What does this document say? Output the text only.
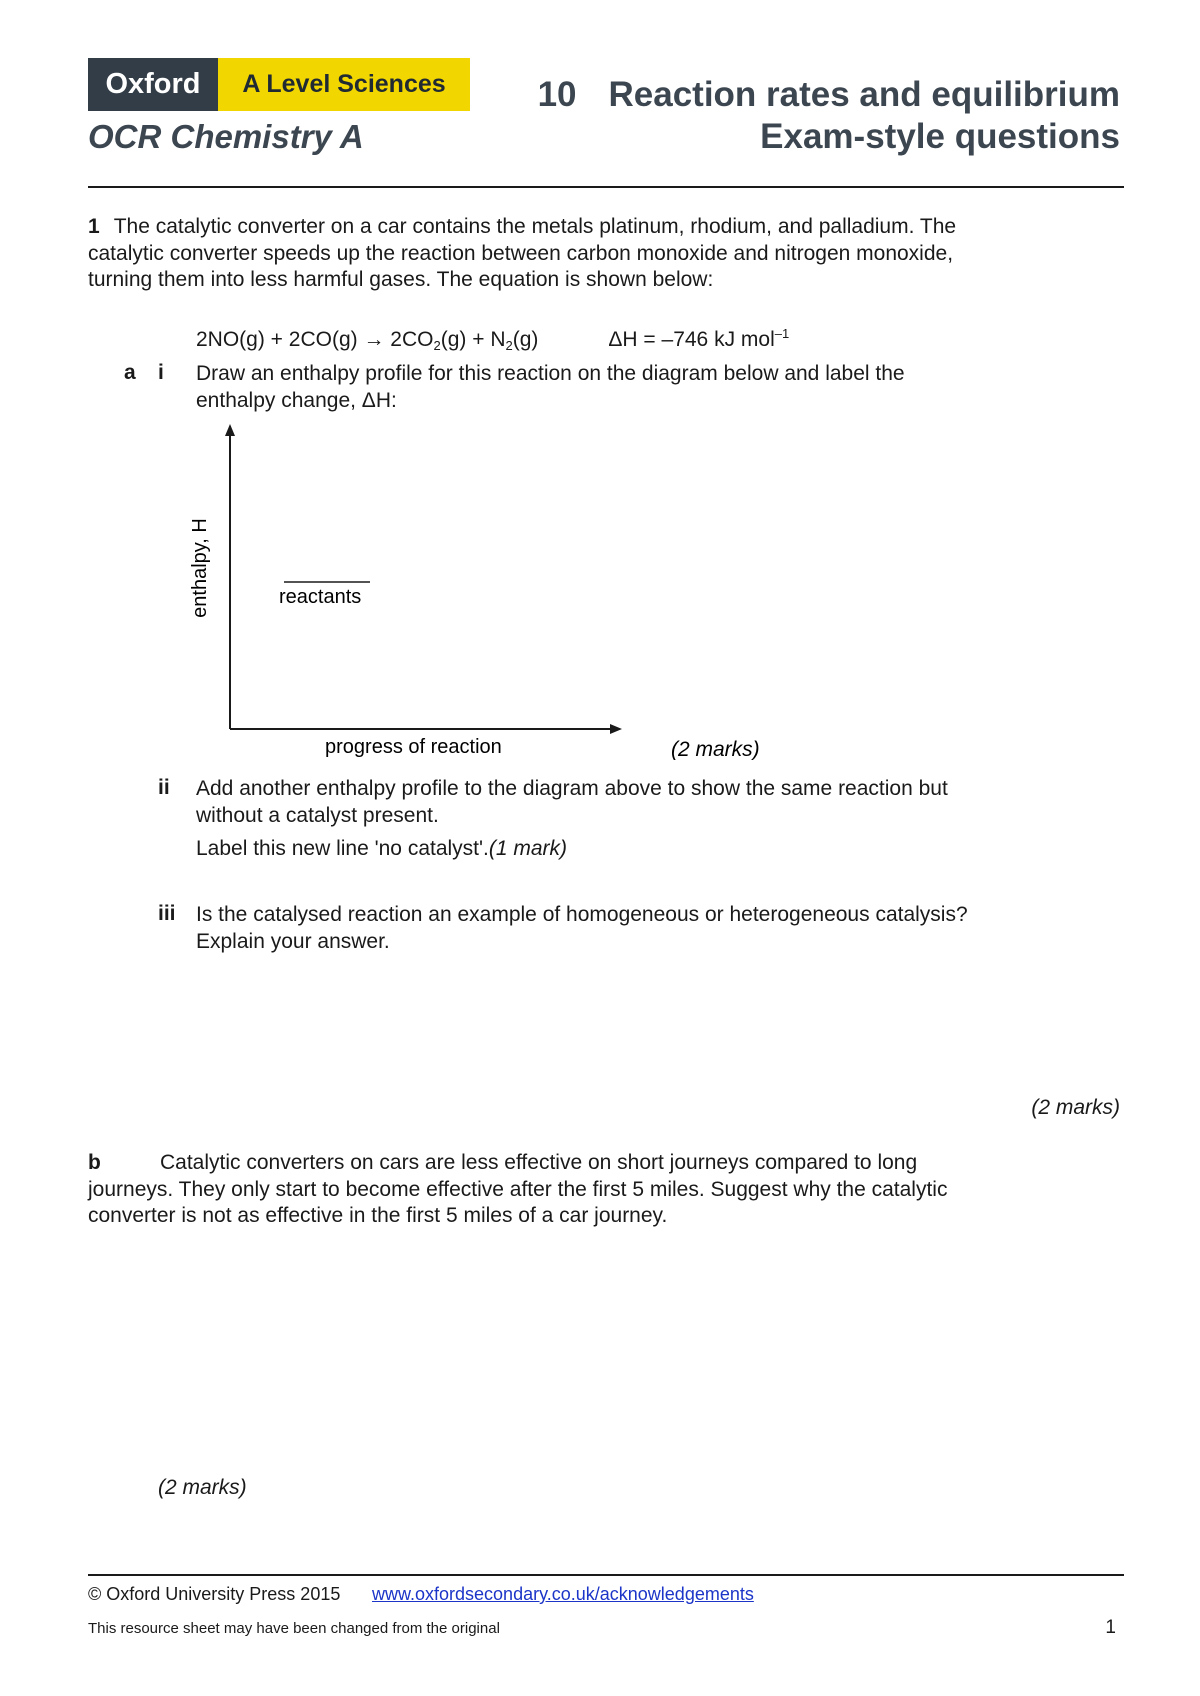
Oxford	A Level Sciences
OCR Chemistry A
10 Reaction rates and equilibrium
Exam-style questions
1 The catalytic converter on a car contains the metals platinum, rhodium, and palladium. The catalytic converter speeds up the reaction between carbon monoxide and nitrogen monoxide, turning them into less harmful gases. The equation is shown below:
$2NO(g) + 2CO(g) \to 2CO_2(g) + N_2(g)$	ΔH = –746 kJ mol$^{-1}$
a i Draw an enthalpy profile for this reaction on the diagram below and label the enthalpy change, ΔH:
enthalpy, H	reactants
progress of reaction	(2 marks)
ii Add another enthalpy profile to the diagram above to show the same reaction but without a catalyst present.
Label this new line 'no catalyst'.(1 mark)
iii Is the catalysed reaction an example of homogeneous or heterogeneous catalysis? Explain your answer.
(2 marks)
b	Catalytic converters on cars are less effective on short journeys compared to long journeys. They only start to become effective after the first 5 miles. Suggest why the catalytic converter is not as effective in the first 5 miles of a car journey.
(2 marks)
© Oxford University Press 2015 www.oxfordsecondary.co.uk/acknowledgements
This resource sheet may have been changed from the original	1
